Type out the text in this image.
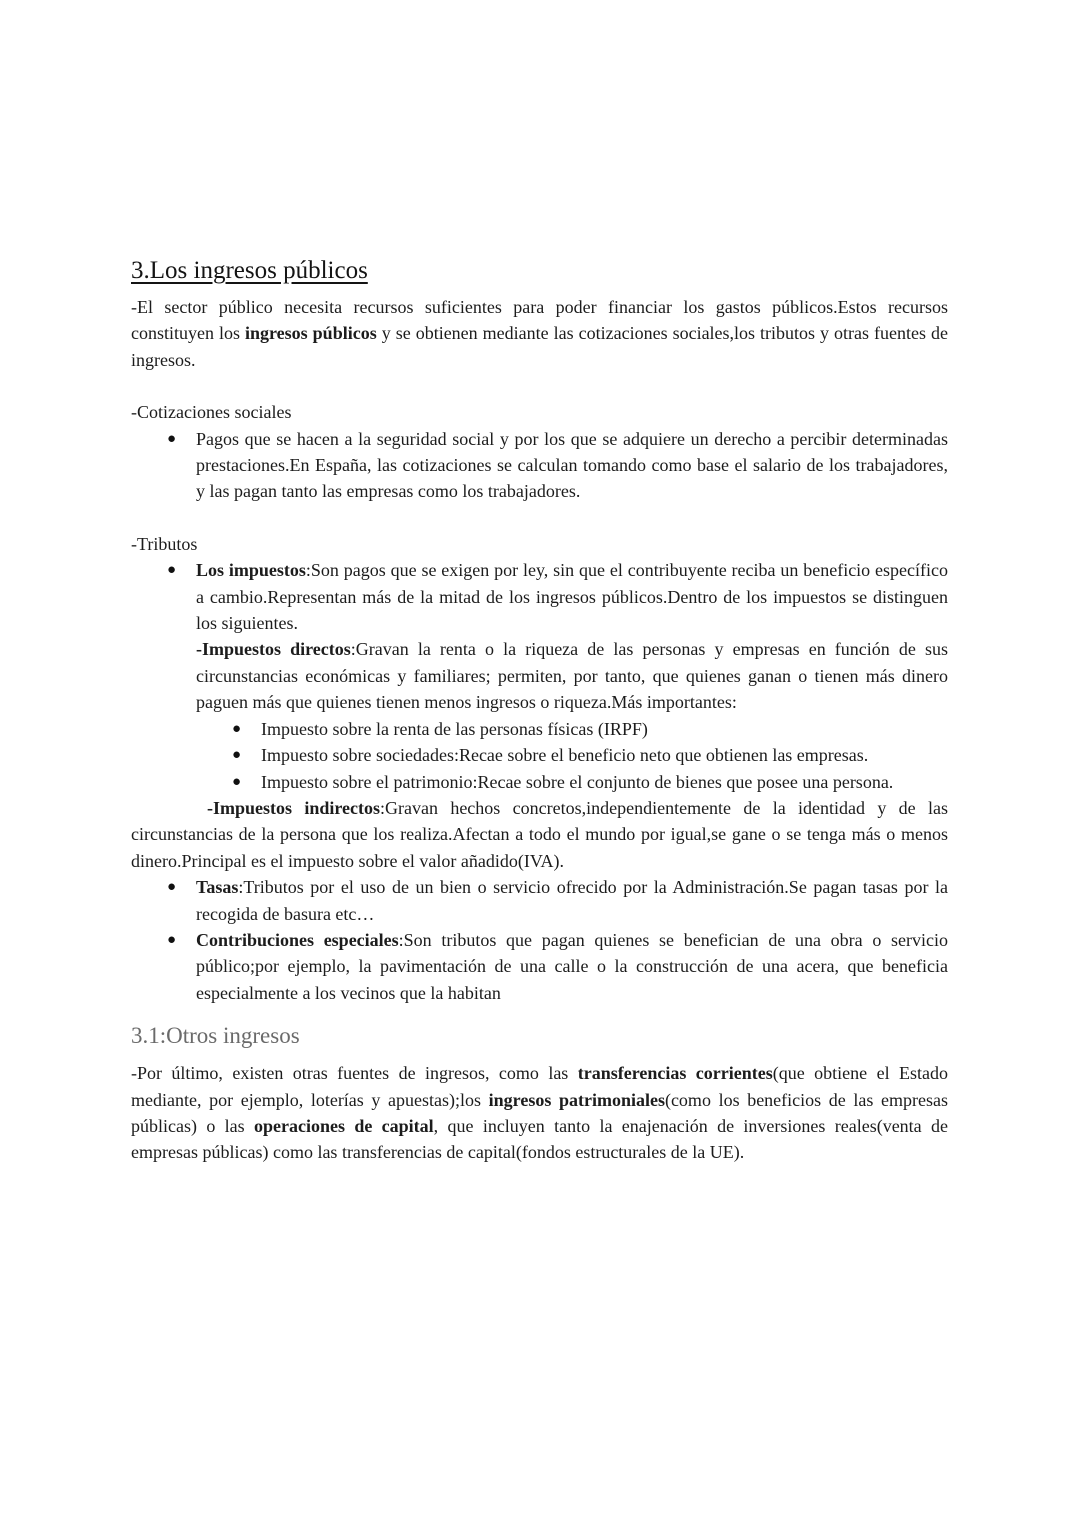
3.Los ingresos públicos

-El sector público necesita recursos suficientes para poder financiar los gastos públicos.Estos recursos constituyen los ingresos públicos y se obtienen mediante las cotizaciones sociales,los tributos y otras fuentes de ingresos.

-Cotizaciones sociales

● Pagos que se hacen a la seguridad social y por los que se adquiere un derecho a percibir determinadas prestaciones.En España, las cotizaciones se calculan tomando como base el salario de los trabajadores, y las pagan tanto las empresas como los trabajadores.

-Tributos

● Los impuestos:Son pagos que se exigen por ley, sin que el contribuyente reciba un beneficio específico a cambio.Representan más de la mitad de los ingresos públicos.Dentro de los impuestos se distinguen los siguientes.
-Impuestos directos:Gravan la renta o la riqueza de las personas y empresas en función de sus circunstancias económicas y familiares; permiten, por tanto, que quienes ganan o tienen más dinero paguen más que quienes tienen menos ingresos o riqueza.Más importantes:
● Impuesto sobre la renta de las personas físicas (IRPF)
● Impuesto sobre sociedades:Recae sobre el beneficio neto que obtienen las empresas.
● Impuesto sobre el patrimonio:Recae sobre el conjunto de bienes que posee una persona.

-Impuestos indirectos:Gravan hechos concretos,independientemente de la identidad y de las circunstancias de la persona que los realiza.Afectan a todo el mundo por igual,se gane o se tenga más o menos dinero.Principal es el impuesto sobre el valor añadido(IVA).

● Tasas:Tributos por el uso de un bien o servicio ofrecido por la Administración.Se pagan tasas por la recogida de basura etc…
● Contribuciones especiales:Son tributos que pagan quienes se benefician de una obra o servicio público;por ejemplo, la pavimentación de una calle o la construcción de una acera, que beneficia especialmente a los vecinos que la habitan
3.1:Otros ingresos

-Por último, existen otras fuentes de ingresos, como las transferencias corrientes(que obtiene el Estado mediante, por ejemplo, loterías y apuestas);los ingresos patrimoniales(como los beneficios de las empresas públicas) o las operaciones de capital, que incluyen tanto la enajenación de inversiones reales(venta de empresas públicas) como las transferencias de capital(fondos estructurales de la UE).
